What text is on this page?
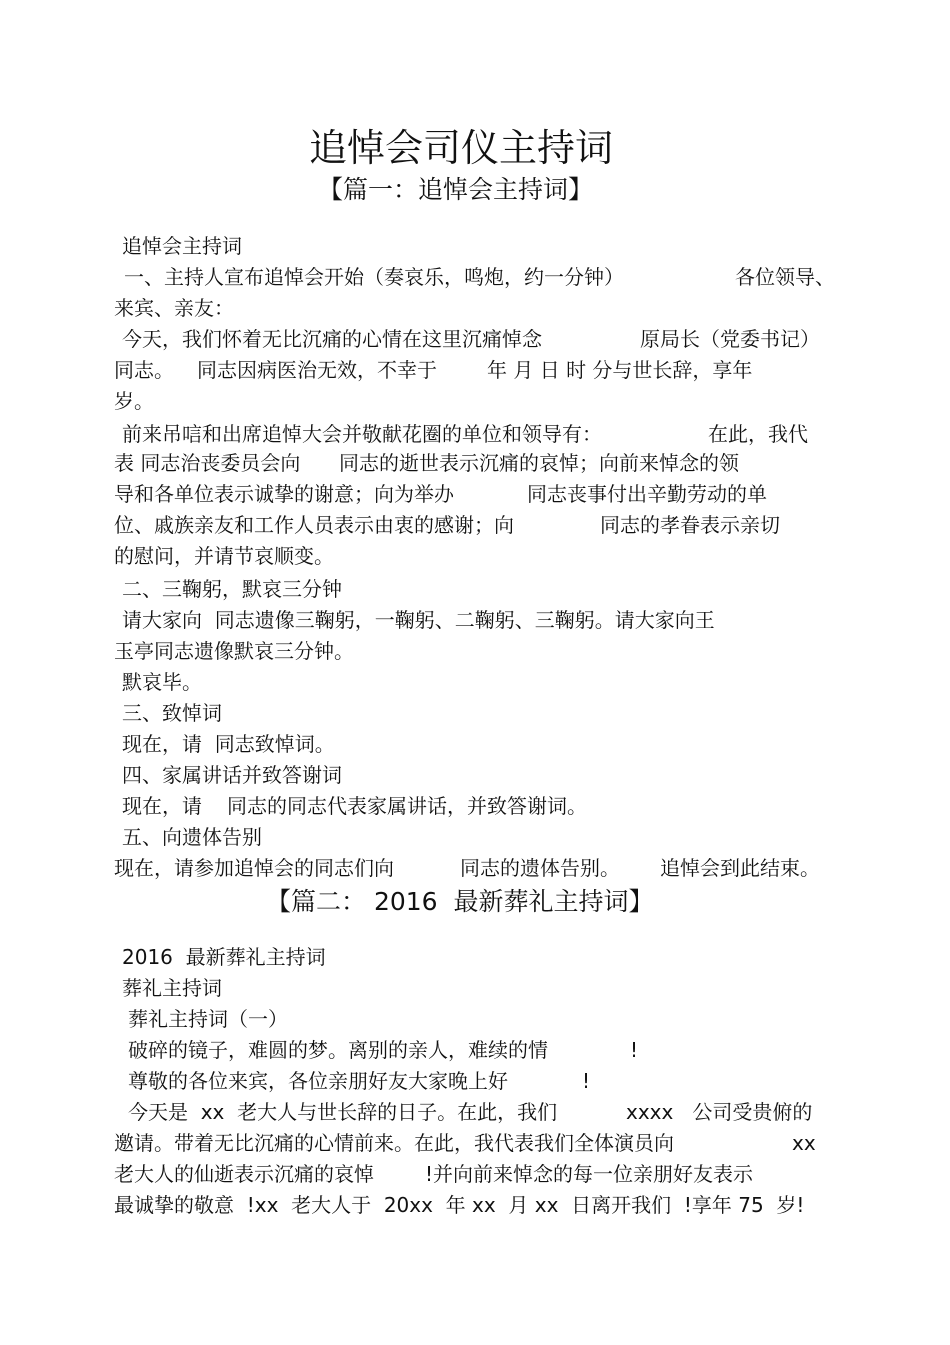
追悼会司仪主持词
【篇一：追悼会主持词】
追悼会主持词
一、主持人宣布追悼会开始（奏哀乐，鸣炮，约一分钟）	各位领导、
来宾、亲友：
今天，我们怀着无比沉痛的心情在这里沉痛悼念	原局长（党委书记）
同志。 同志因病医治无效，不幸于	年 月 日 时 分与世长辞，享年
岁。
前来吊唁和出席追悼大会并敬献花圈的单位和领导有：	在此，我代
表 同志治丧委员会向 同志的逝世表示沉痛的哀悼；向前来悼念的领
导和各单位表示诚挚的谢意；向为举办	同志丧事付出辛勤劳动的单
位、戚族亲友和工作人员表示由衷的感谢；向	同志的孝眷表示亲切
的慰问，并请节哀顺变。
二、三鞠躬，默哀三分钟
请大家向  同志遗像三鞠躬，一鞠躬、二鞠躬、三鞠躬。请大家向王
玉亭同志遗像默哀三分钟。
默哀毕。
三、致悼词
现在，请  同志致悼词。
四、家属讲话并致答谢词
现在，请 同志的同志代表家属讲话，并致答谢词。
五、向遗体告别
现在，请参加追悼会的同志们向	同志的遗体告别。 追悼会到此结束。
【篇二： 2016  最新葬礼主持词】
2016  最新葬礼主持词
葬礼主持词
葬礼主持词（一）
破碎的镜子，难圆的梦。离别的亲人，难续的情	!
尊敬的各位来宾，各位亲朋好友大家晚上好	!
今天是  xx  老大人与世长辞的日子。在此，我们	xxxx   公司受贵俯的
邀请。带着无比沉痛的心情前来。在此，我代表我们全体演员向	xx
老大人的仙逝表示沉痛的哀悼	!并向前来悼念的每一位亲朋好友表示
最诚挚的敬意  !xx  老大人于  20xx  年 xx  月 xx  日离开我们  !享年 75  岁!
